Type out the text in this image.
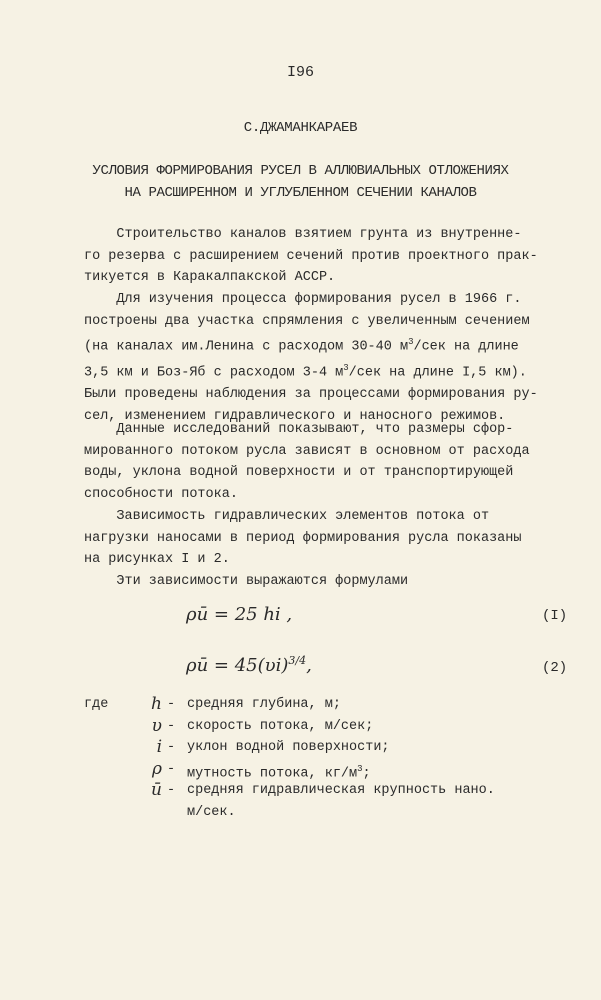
I96
С.ДЖАМАНКАРАЕВ
УСЛОВИЯ ФОРМИРОВАНИЯ РУСЕЛ В АЛЛЮВИАЛЬНЫХ ОТЛОЖЕНИЯХ
НА РАСШИРЕННОМ И УГЛУБЛЕННОМ СЕЧЕНИИ КАНАЛОВ
Строительство каналов взятием грунта из внутренне-
го резерва с расширением сечений против проектного прак-
тикуется в Каракалпакской АССР.
Для изучения процесса формирования русел в 1966 г.
построены два участка спрямления с увеличенным сечением
(на каналах им.Ленина с расходом 30-40 $м^3$/сек на длине
3,5 км и Боз-Яб с расходом 3-4 $м^3$/сек на длине I,5 км).
Были проведены наблюдения за процессами формирования ру-
сел, изменением гидравлического и наносного режимов.
Данные исследований показывают, что размеры сфор-
мированного потоком русла зависят в основном от расхода
воды, уклона водной поверхности и от транспортирующей
способности потока.
Зависимость гидравлических элементов потока от
нагрузки наносами в период формирования русла показаны
на рисунках I и 2.
Эти зависимости выражаются формулами
ρū = 25 hi ,	(I)
ρū = $45(\upsilon i)^{3/4}$,	(2)
где	h - средняя глубина, м;
υ - скорость потока, м/сек;
i - уклон водной поверхности;
ρ - мутность потока, $кг/м^3$;
ū - средняя гидравлическая крупность нано.
м/сек.
